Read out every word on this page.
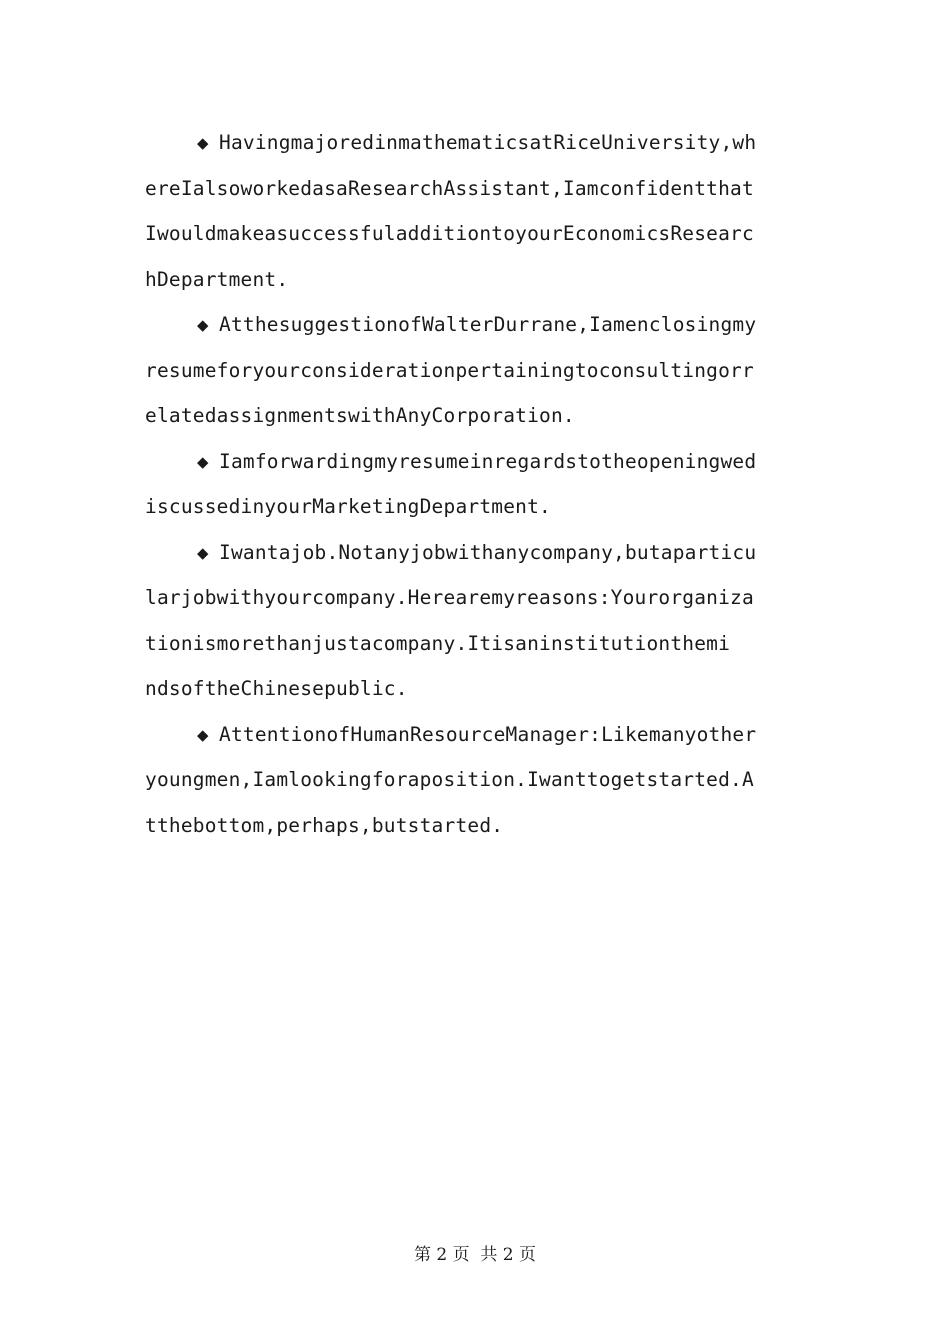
◆ HavingmajoredinmathematicsatRiceUniversity,wh
ereIalsoworkedasaResearchAssistant,Iamconfidentthat
IwouldmakeasuccessfuladditiontoyourEconomicsResearc
hDepartment.
◆ AtthesuggestionofWalterDurrane,Iamenclosingmy
resumeforyourconsiderationpertainingtoconsultingorr
elatedassignmentswithAnyCorporation.
◆ Iamforwardingmyresumeinregardstotheopeningwed
iscussedinyourMarketingDepartment.
◆ Iwantajob.Notanyjobwithanycompany,butaparticu
larjobwithyourcompany.Herearemyreasons:Yourorganiza
tionismorethanjustacompany.Itisaninstitutionthemi
ndsoftheChinesepublic.
◆ AttentionofHumanResourceManager:Likemanyother
youngmen,Iamlookingforaposition.Iwanttogetstarted.A
tthebottom,perhaps,butstarted.
第 2 页  共 2 页
